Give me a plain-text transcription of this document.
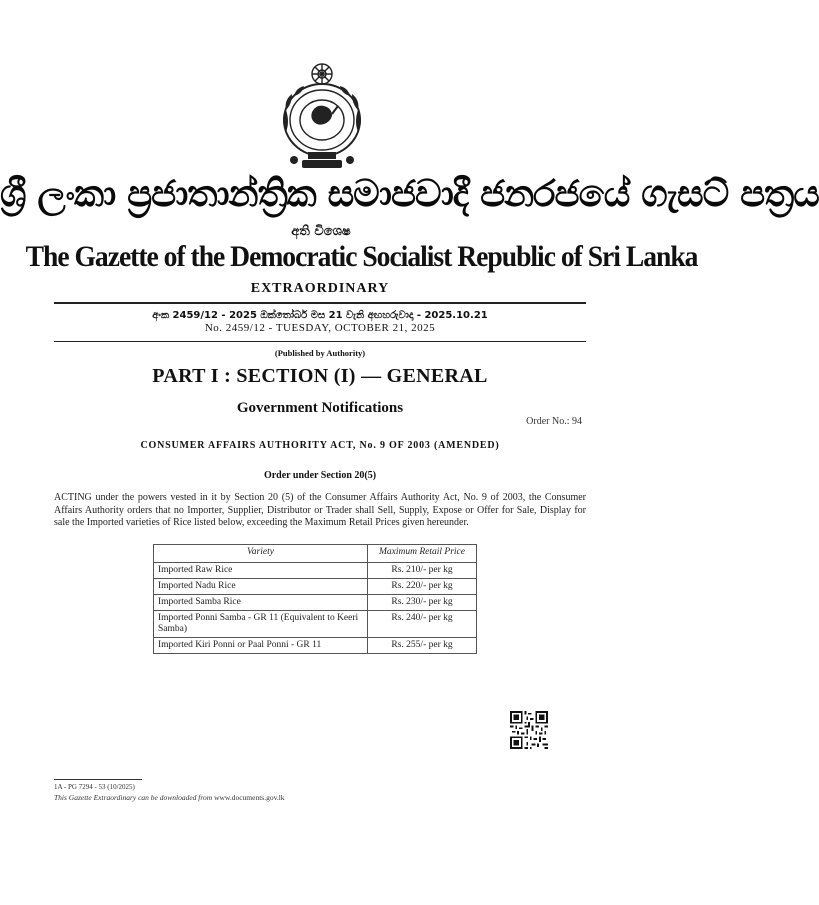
ශ්‍රී ලංකා ප්‍රජාතාන්ත්‍රික සමාජවාදී ජනරජයේ ගැසට් පත්‍රය
අති විශෙෂ
The Gazette of the Democratic Socialist Republic of Sri Lanka
EXTRAORDINARY
අංක 2459/12 - 2025 ඔක්තෝබර් මස 21 වැනි අඟහරුවාදා - 2025.10.21
No. 2459/12 - TUESDAY, OCTOBER 21, 2025
(Published by Authority)
PART I : SECTION (I) — GENERAL
Government Notifications
Order No.: 94
CONSUMER AFFAIRS AUTHORITY ACT, No. 9 OF 2003 (AMENDED)
Order under Section 20(5)
ACTING under the powers vested in it by Section 20 (5) of the Consumer Affairs Authority Act, No. 9 of 2003, the Consumer Affairs Authority orders that no Importer, Supplier, Distributor or Trader shall Sell, Supply, Expose or Offer for Sale, Display for sale the Imported varieties of Rice listed below, exceeding the Maximum Retail Prices given hereunder.
Variety	Maximum Retail Price
Imported Raw Rice	Rs. 210/- per kg
Imported Nadu Rice	Rs. 220/- per kg
Imported Samba Rice	Rs. 230/- per kg
Imported Ponni Samba - GR 11 (Equivalent to Keeri Samba)	Rs. 240/- per kg
Imported Kiri Ponni or Paal Ponni - GR 11	Rs. 255/- per kg
1A - PG 7294 - 53 (10/2025)
This Gazette Extraordinary can be downloaded from www.documents.gov.lk
